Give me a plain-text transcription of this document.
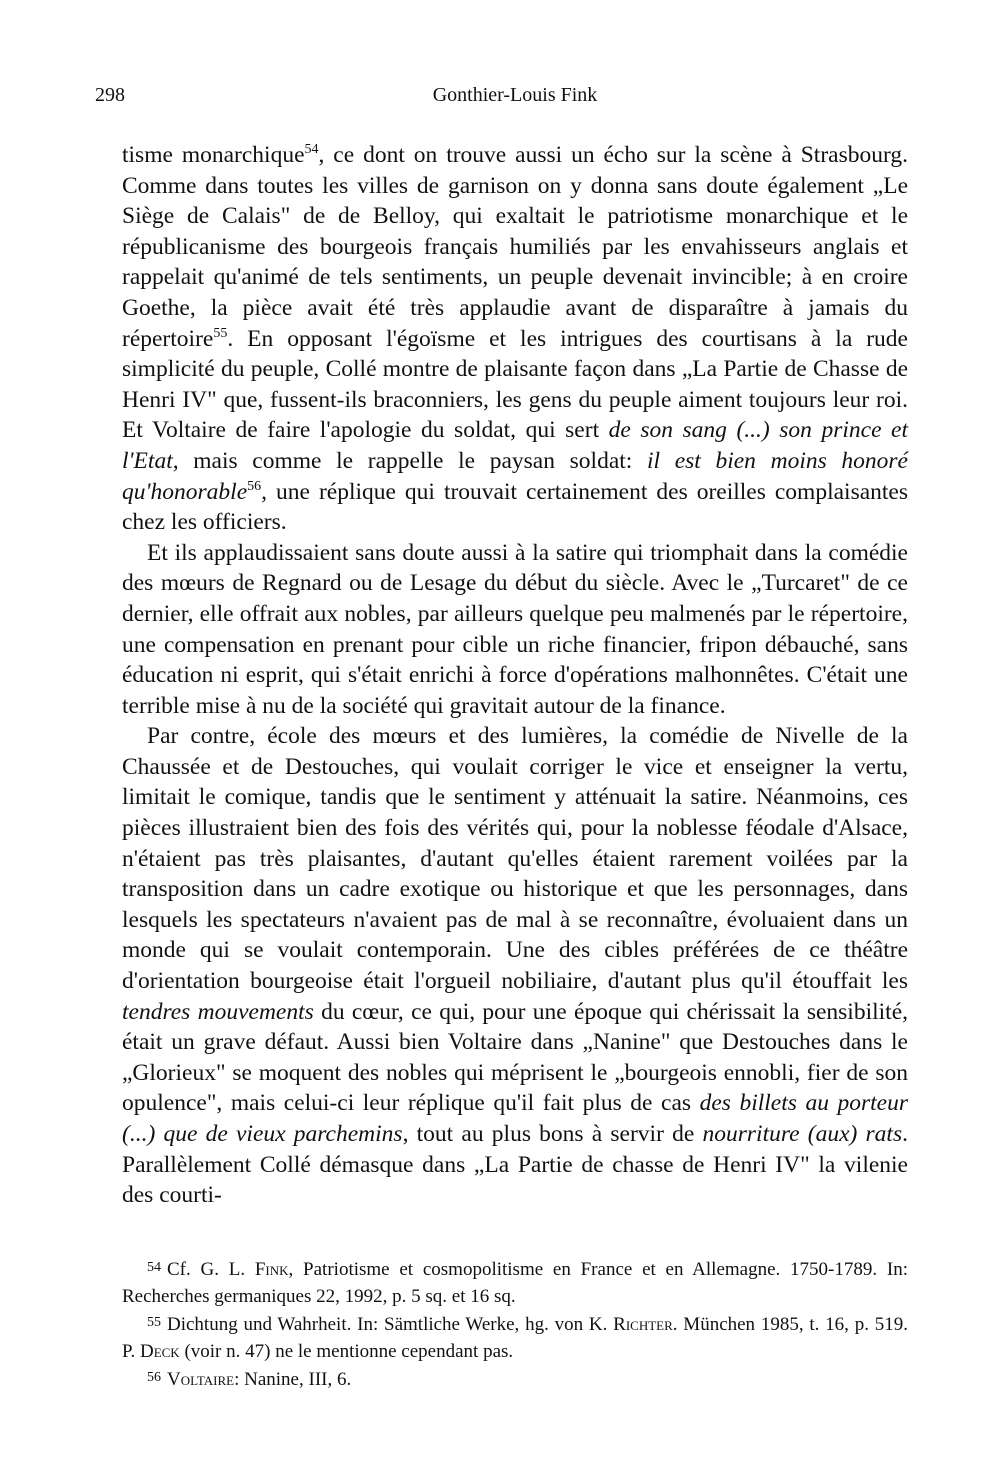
298	Gonthier-Louis Fink

tisme monarchique$^{54}$, ce dont on trouve aussi un écho sur la scène à Strasbourg. Comme dans toutes les villes de garnison on y donna sans doute également „Le Siège de Calais" de de Belloy, qui exaltait le patriotisme monarchique et le républicanisme des bourgeois français humiliés par les envahisseurs anglais et rappelait qu'animé de tels sentiments, un peuple devenait invincible; à en croire Goethe, la pièce avait été très applaudie avant de disparaître à jamais du répertoire$^{55}$. En opposant l'égoïsme et les intrigues des courtisans à la rude simplicité du peuple, Collé montre de plaisante façon dans „La Partie de Chasse de Henri IV" que, fussent-ils braconniers, les gens du peuple aiment toujours leur roi. Et Voltaire de faire l'apologie du soldat, qui sert de son sang (...) son prince et l'Etat, mais comme le rappelle le paysan soldat: il est bien moins honoré qu'honorable$^{56}$, une réplique qui trouvait certainement des oreilles complaisantes chez les officiers.

Et ils applaudissaient sans doute aussi à la satire qui triomphait dans la comédie des mœurs de Regnard ou de Lesage du début du siècle. Avec le „Turcaret" de ce dernier, elle offrait aux nobles, par ailleurs quelque peu malmenés par le répertoire, une compensation en prenant pour cible un riche financier, fripon débauché, sans éducation ni esprit, qui s'était enrichi à force d'opérations malhonnêtes. C'était une terrible mise à nu de la société qui gravitait autour de la finance.

Par contre, école des mœurs et des lumières, la comédie de Nivelle de la Chaussée et de Destouches, qui voulait corriger le vice et enseigner la vertu, limitait le comique, tandis que le sentiment y atténuait la satire. Néanmoins, ces pièces illustraient bien des fois des vérités qui, pour la noblesse féodale d'Alsace, n'étaient pas très plaisantes, d'autant qu'elles étaient rarement voilées par la transposition dans un cadre exotique ou historique et que les personnages, dans lesquels les spectateurs n'avaient pas de mal à se reconnaître, évoluaient dans un monde qui se voulait contemporain. Une des cibles préférées de ce théâtre d'orientation bourgeoise était l'orgueil nobiliaire, d'autant plus qu'il étouffait les tendres mouvements du cœur, ce qui, pour une époque qui chérissait la sensibilité, était un grave défaut. Aussi bien Voltaire dans „Nanine" que Destouches dans le „Glorieux" se moquent des nobles qui méprisent le „bourgeois ennobli, fier de son opulence", mais celui-ci leur réplique qu'il fait plus de cas des billets au porteur (...) que de vieux parchemins, tout au plus bons à servir de nourriture (aux) rats. Parallèlement Collé démasque dans „La Partie de chasse de Henri IV" la vilenie des courti-

$^{54}$ Cf. G. L. Fink, Patriotisme et cosmopolitisme en France et en Allemagne. 1750-1789. In: Recherches germaniques 22, 1992, p. 5 sq. et 16 sq.

$^{55}$ Dichtung und Wahrheit. In: Sämtliche Werke, hg. von K. Richter. München 1985, t. 16, p. 519. P. Deck (voir n. 47) ne le mentionne cependant pas.

$^{56}$ Voltaire: Nanine, III, 6.
